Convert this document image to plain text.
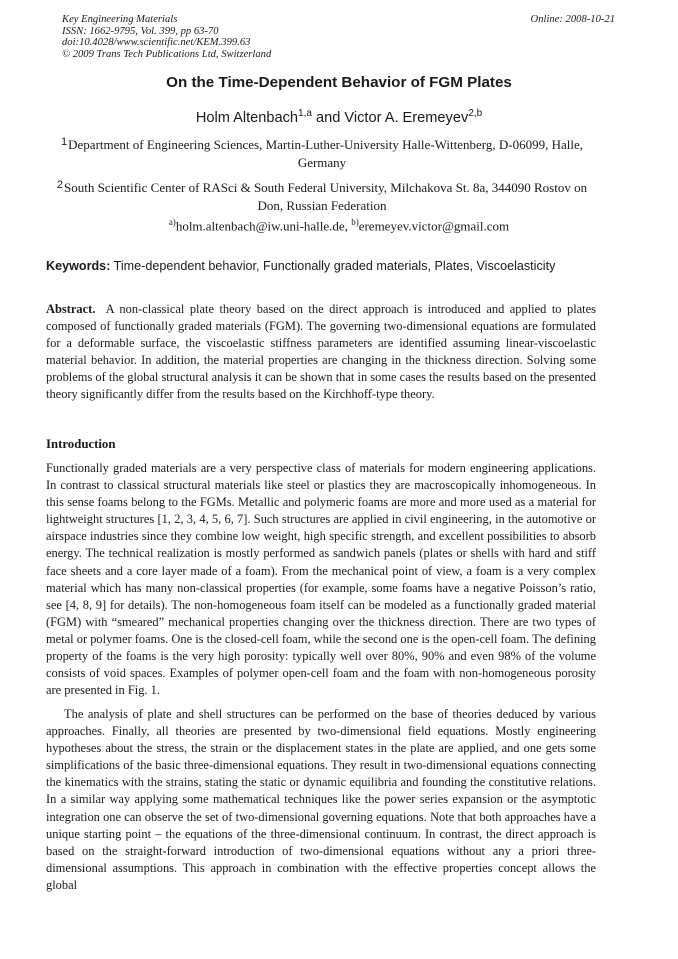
Key Engineering Materials
ISSN: 1662-9795, Vol. 399, pp 63-70
doi:10.4028/www.scientific.net/KEM.399.63
© 2009 Trans Tech Publications Ltd, Switzerland
Online: 2008-10-21
On the Time-Dependent Behavior of FGM Plates
Holm Altenbach$^{1,a}$ and Victor A. Eremeyev$^{2,b}$
$^1$Department of Engineering Sciences, Martin-Luther-University Halle-Wittenberg, D-06099, Halle, Germany
$^2$South Scientific Center of RASci & South Federal University, Milchakova St. 8a, 344090 Rostov on Don, Russian Federation
$^{a)}$holm.altenbach@iw.uni-halle.de, $^{b)}$eremeyev.victor@gmail.com
Keywords: Time-dependent behavior, Functionally graded materials, Plates, Viscoelasticity
Abstract.  A non-classical plate theory based on the direct approach is introduced and applied to plates composed of functionally graded materials (FGM). The governing two-dimensional equations are formulated for a deformable surface, the viscoelastic stiffness parameters are identified assuming linear-viscoelastic material behavior. In addition, the material properties are changing in the thickness direction. Solving some problems of the global structural analysis it can be shown that in some cases the results based on the presented theory significantly differ from the results based on the Kirchhoff-type theory.
Introduction
Functionally graded materials are a very perspective class of materials for modern engineering applications. In contrast to classical structural materials like steel or plastics they are macroscopically inhomogeneous. In this sense foams belong to the FGMs. Metallic and polymeric foams are more and more used as a material for lightweight structures [1, 2, 3, 4, 5, 6, 7]. Such structures are applied in civil engineering, in the automotive or airspace industries since they combine low weight, high specific strength, and excellent possibilities to absorb energy. The technical realization is mostly performed as sandwich panels (plates or shells with hard and stiff face sheets and a core layer made of a foam). From the mechanical point of view, a foam is a very complex material which has many non-classical properties (for example, some foams have a negative Poisson’s ratio, see [4, 8, 9] for details). The non-homogeneous foam itself can be modeled as a functionally graded material (FGM) with “smeared” mechanical properties changing over the thickness direction. There are two types of metal or polymer foams. One is the closed-cell foam, while the second one is the open-cell foam. The defining property of the foams is the very high porosity: typically well over 80%, 90% and even 98% of the volume consists of void spaces. Examples of polymer open-cell foam and the foam with non-homogeneous porosity are presented in Fig. 1.
The analysis of plate and shell structures can be performed on the base of theories deduced by various approaches. Finally, all theories are presented by two-dimensional field equations. Mostly engineering hypotheses about the stress, the strain or the displacement states in the plate are applied, and one gets some simplifications of the basic three-dimensional equations. They result in two-dimensional equations connecting the kinematics with the strains, stating the static or dynamic equilibria and founding the constitutive relations. In a similar way applying some mathematical techniques like the power series expansion or the asymptotic integration one can observe the set of two-dimensional governing equations. Note that both approaches have a unique starting point – the equations of the three-dimensional continuum. In contrast, the direct approach is based on the straight-forward introduction of two-dimensional equations without any a priori three-dimensional assumptions. This approach in combination with the effective properties concept allows the global
